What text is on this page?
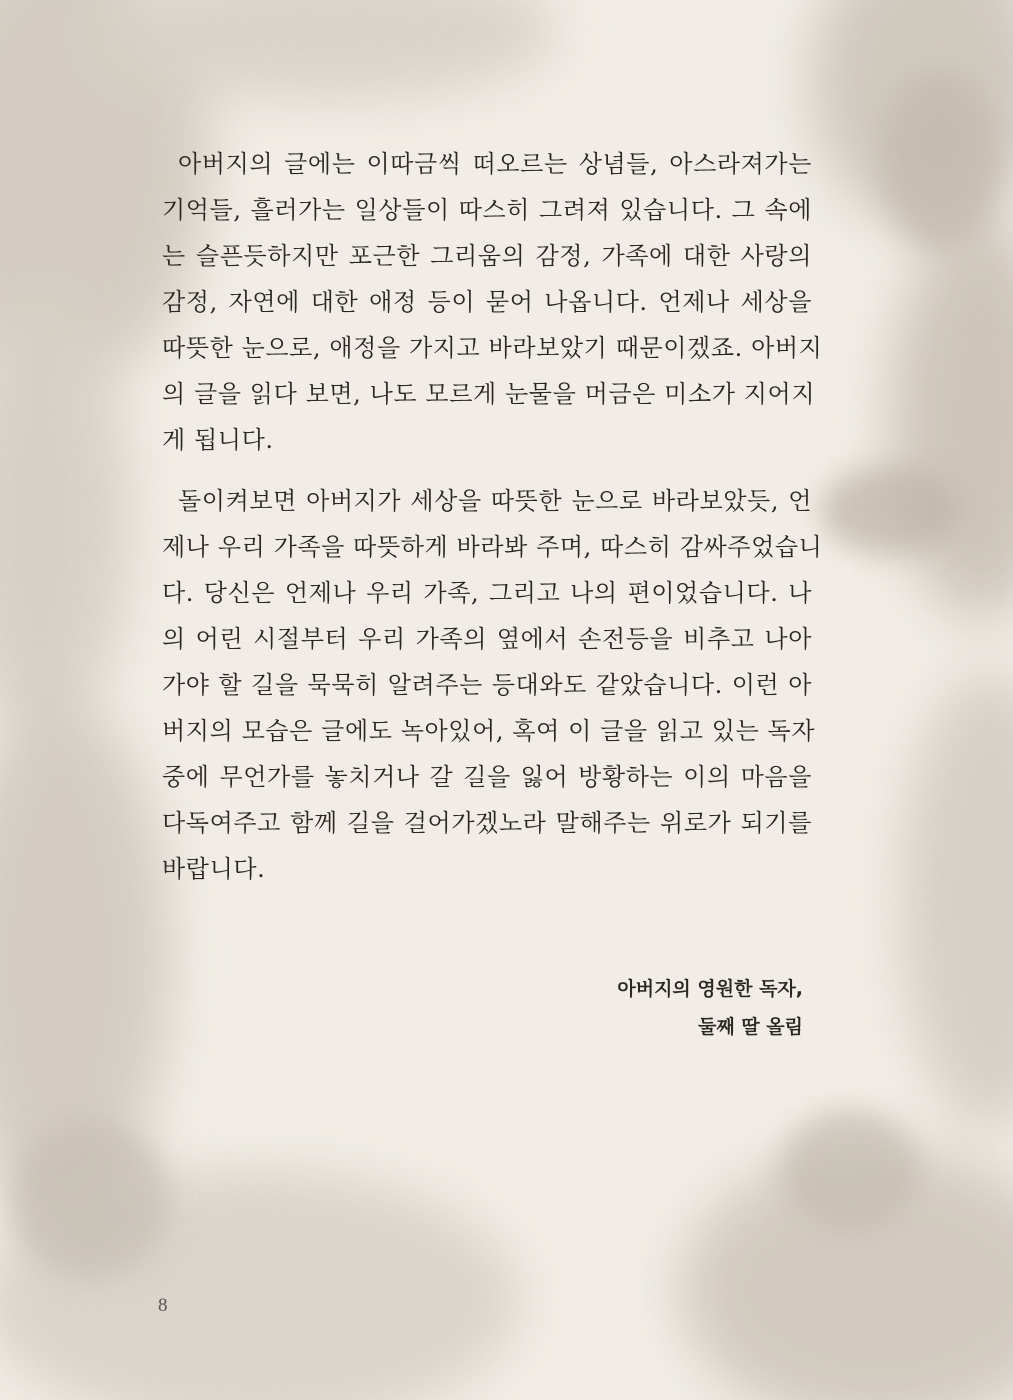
아버지의 글에는 이따금씩 떠오르는 상념들, 아스라져가는
기억들, 흘러가는 일상들이 따스히 그려져 있습니다. 그 속에
는 슬픈듯하지만 포근한 그리움의 감정, 가족에 대한 사랑의
감정, 자연에 대한 애정 등이 묻어 나옵니다. 언제나 세상을
따뜻한 눈으로, 애정을 가지고 바라보았기 때문이겠죠. 아버지
의 글을 읽다 보면, 나도 모르게 눈물을 머금은 미소가 지어지
게 됩니다.
돌이켜보면 아버지가 세상을 따뜻한 눈으로 바라보았듯, 언
제나 우리 가족을 따뜻하게 바라봐 주며, 따스히 감싸주었습니
다. 당신은 언제나 우리 가족, 그리고 나의 편이었습니다. 나
의 어린 시절부터 우리 가족의 옆에서 손전등을 비추고 나아
가야 할 길을 묵묵히 알려주는 등대와도 같았습니다. 이런 아
버지의 모습은 글에도 녹아있어, 혹여 이 글을 읽고 있는 독자
중에 무언가를 놓치거나 갈 길을 잃어 방황하는 이의 마음을
다독여주고 함께 길을 걸어가겠노라 말해주는 위로가 되기를
바랍니다.
아버지의 영원한 독자,
둘째 딸 올림
8
